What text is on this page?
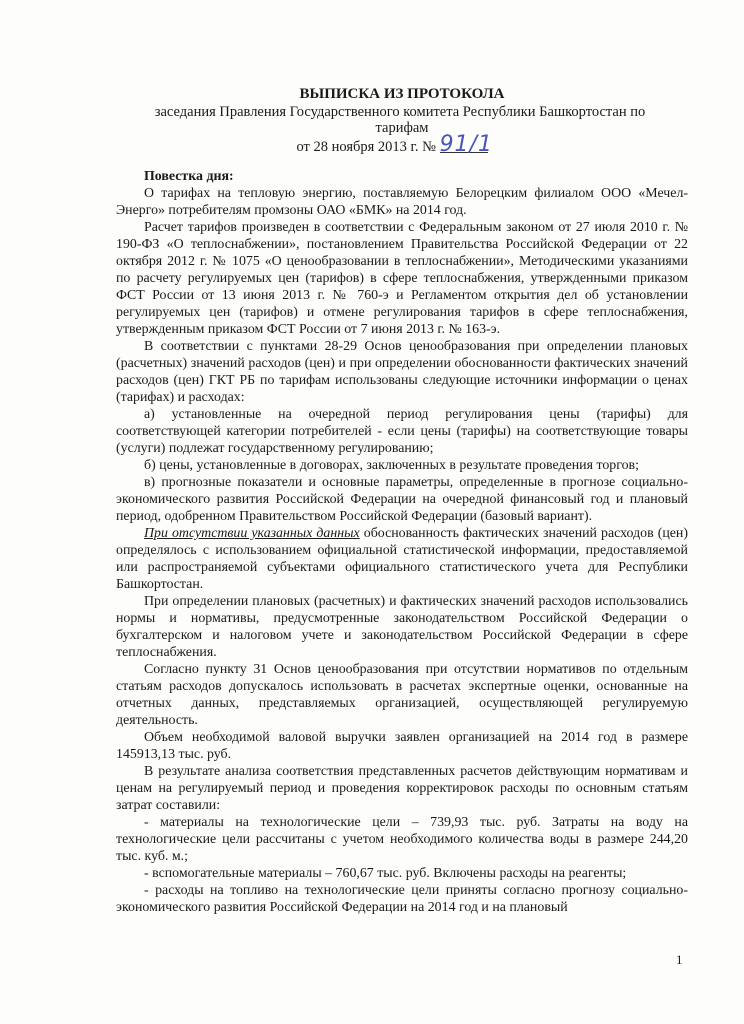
ВЫПИСКА ИЗ ПРОТОКОЛА
заседания Правления Государственного комитета Республики Башкортостан по
тарифам
от 28 ноября 2013 г. № 91/1

Повестка дня:

О тарифах на тепловую энергию, поставляемую Белорецким филиалом ООО «Мечел-Энерго» потребителям промзоны ОАО «БМК» на 2014 год.

Расчет тарифов произведен в соответствии с Федеральным законом от 27 июля 2010 г. № 190-ФЗ «О теплоснабжении», постановлением Правительства Российской Федерации от 22 октября 2012 г. № 1075 «О ценообразовании в теплоснабжении», Методическими указаниями по расчету регулируемых цен (тарифов) в сфере теплоснабжения, утвержденными приказом ФСТ России от 13 июня 2013 г. № 760-э и Регламентом открытия дел об установлении регулируемых цен (тарифов) и отмене регулирования тарифов в сфере теплоснабжения, утвержденным приказом ФСТ России от 7 июня 2013 г. № 163-э.

В соответствии с пунктами 28-29 Основ ценообразования при определении плановых (расчетных) значений расходов (цен) и при определении обоснованности фактических значений расходов (цен) ГКТ РБ по тарифам использованы следующие источники информации о ценах (тарифах) и расходах:

а) установленные на очередной период регулирования цены (тарифы) для соответствующей категории потребителей - если цены (тарифы) на соответствующие товары (услуги) подлежат государственному регулированию;

б) цены, установленные в договорах, заключенных в результате проведения торгов;

в) прогнозные показатели и основные параметры, определенные в прогнозе социально-экономического развития Российской Федерации на очередной финансовый год и плановый период, одобренном Правительством Российской Федерации (базовый вариант).

При отсутствии указанных данных обоснованность фактических значений расходов (цен) определялось с использованием официальной статистической информации, предоставляемой или распространяемой субъектами официального статистического учета для Республики Башкортостан.

При определении плановых (расчетных) и фактических значений расходов использовались нормы и нормативы, предусмотренные законодательством Российской Федерации о бухгалтерском и налоговом учете и законодательством Российской Федерации в сфере теплоснабжения.

Согласно пункту 31 Основ ценообразования при отсутствии нормативов по отдельным статьям расходов допускалось использовать в расчетах экспертные оценки, основанные на отчетных данных, представляемых организацией, осуществляющей регулируемую деятельность.

Объем необходимой валовой выручки заявлен организацией на 2014 год в размере 145913,13 тыс. руб.

В результате анализа соответствия представленных расчетов действующим нормативам и ценам на регулируемый период и проведения корректировок расходы по основным статьям затрат составили:

- материалы на технологические цели – 739,93 тыс. руб. Затраты на воду на технологические цели рассчитаны с учетом необходимого количества воды в размере 244,20 тыс. куб. м.;

- вспомогательные материалы – 760,67 тыс. руб. Включены расходы на реагенты;

- расходы на топливо на технологические цели приняты согласно прогнозу социально-экономического развития Российской Федерации на 2014 год и на плановый

1
